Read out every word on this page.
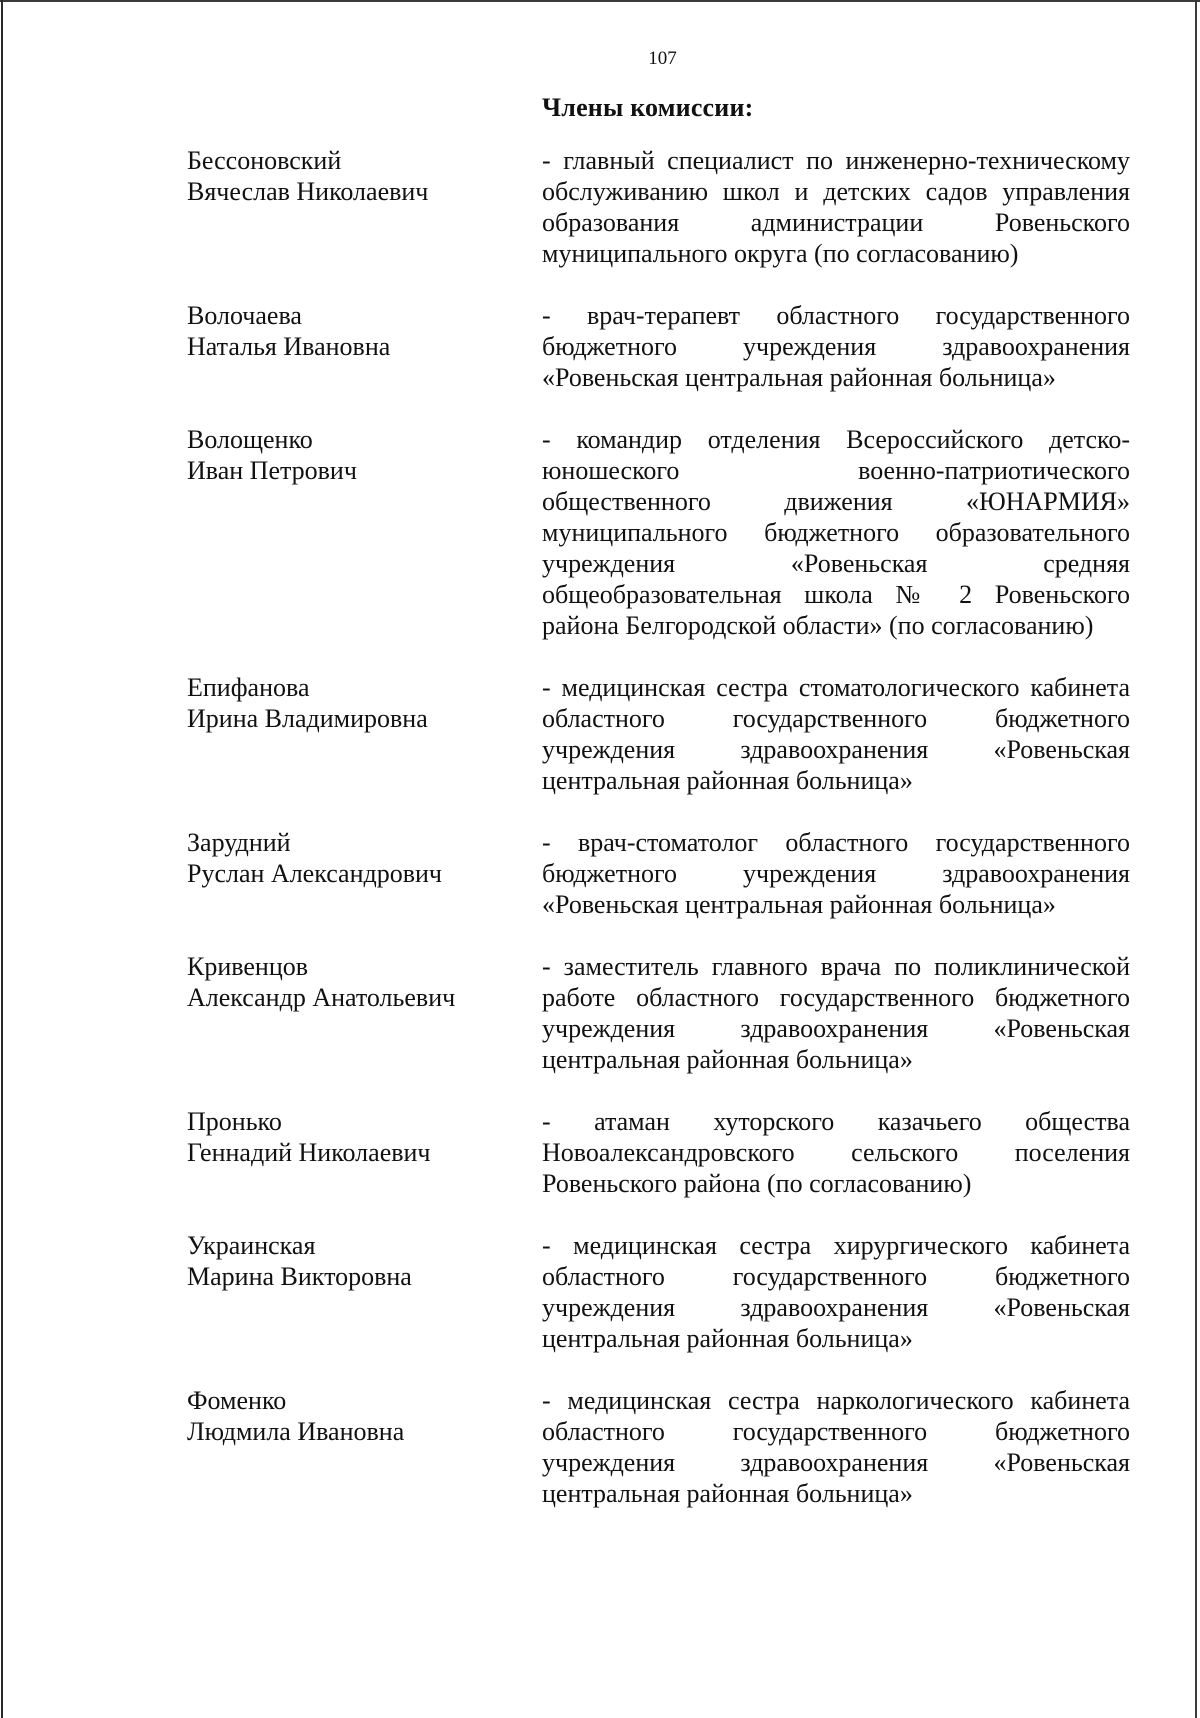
107
Члены комиссии:
Бессоновский
Вячеслав Николаевич
- главный специалист по инженерно-техническому обслуживанию школ и детских садов управления образования администрации Ровеньского муниципального округа (по согласованию)
Волочаева
Наталья Ивановна
- врач-терапевт областного государственного бюджетного учреждения здравоохранения «Ровеньская центральная районная больница»
Волощенко
Иван Петрович
- командир отделения Всероссийского детско-юношеского военно-патриотического общественного движения «ЮНАРМИЯ» муниципального бюджетного образовательного учреждения «Ровеньская средняя общеобразовательная школа № 2 Ровеньского района Белгородской области» (по согласованию)
Епифанова
Ирина Владимировна
- медицинская сестра стоматологического кабинета областного государственного бюджетного учреждения здравоохранения «Ровеньская центральная районная больница»
Зарудний
Руслан Александрович
- врач-стоматолог областного государственного бюджетного учреждения здравоохранения «Ровеньская центральная районная больница»
Кривенцов
Александр Анатольевич
- заместитель главного врача по поликлинической работе областного государственного бюджетного учреждения здравоохранения «Ровеньская центральная районная больница»
Пронько
Геннадий Николаевич
- атаман хуторского казачьего общества Новоалександровского сельского поселения Ровеньского района (по согласованию)
Украинская
Марина Викторовна
- медицинская сестра хирургического кабинета областного государственного бюджетного учреждения здравоохранения «Ровеньская центральная районная больница»
Фоменко
Людмила Ивановна
- медицинская сестра наркологического кабинета областного государственного бюджетного учреждения здравоохранения «Ровеньская центральная районная больница»
